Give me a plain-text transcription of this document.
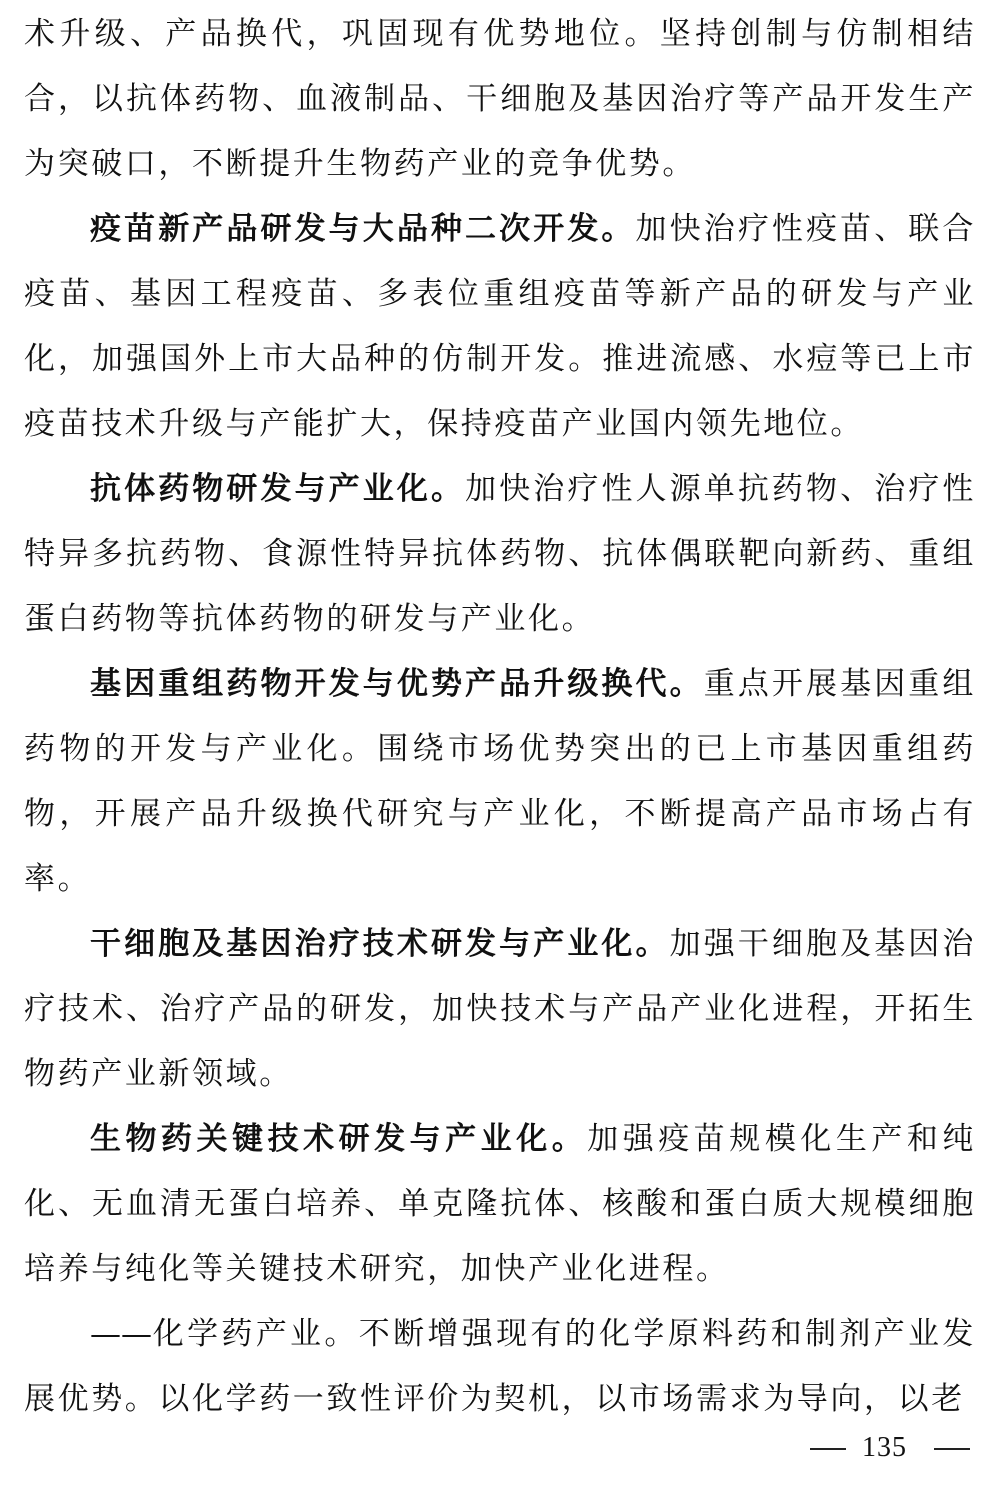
术升级、产品换代，巩固现有优势地位。坚持创制与仿制相结合，以抗体药物、血液制品、干细胞及基因治疗等产品开发生产为突破口，不断提升生物药产业的竞争优势。

疫苗新产品研发与大品种二次开发。加快治疗性疫苗、联合疫苗、基因工程疫苗、多表位重组疫苗等新产品的研发与产业化，加强国外上市大品种的仿制开发。推进流感、水痘等已上市疫苗技术升级与产能扩大，保持疫苗产业国内领先地位。

抗体药物研发与产业化。加快治疗性人源单抗药物、治疗性特异多抗药物、食源性特异抗体药物、抗体偶联靶向新药、重组蛋白药物等抗体药物的研发与产业化。

基因重组药物开发与优势产品升级换代。重点开展基因重组药物的开发与产业化。围绕市场优势突出的已上市基因重组药物，开展产品升级换代研究与产业化，不断提高产品市场占有率。

干细胞及基因治疗技术研发与产业化。加强干细胞及基因治疗技术、治疗产品的研发，加快技术与产品产业化进程，开拓生物药产业新领域。

生物药关键技术研发与产业化。加强疫苗规模化生产和纯化、无血清无蛋白培养、单克隆抗体、核酸和蛋白质大规模细胞培养与纯化等关键技术研究，加快产业化进程。

——化学药产业。不断增强现有的化学原料药和制剂产业发展优势。以化学药一致性评价为契机，以市场需求为导向，以老

135
